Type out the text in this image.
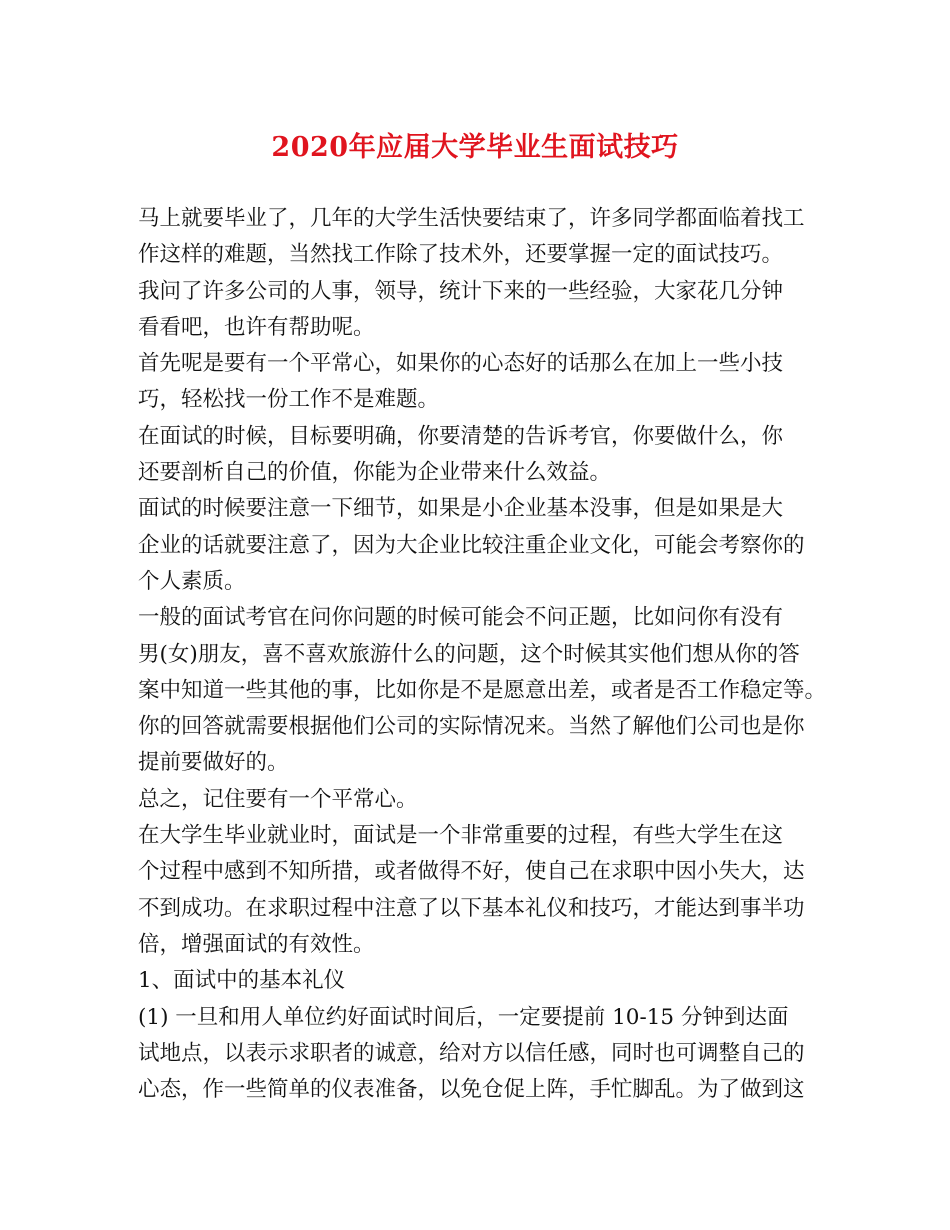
2020年应届大学毕业生面试技巧
马上就要毕业了，几年的大学生活快要结束了，许多同学都面临着找工
作这样的难题，当然找工作除了技术外，还要掌握一定的面试技巧。
我问了许多公司的人事，领导，统计下来的一些经验，大家花几分钟
看看吧，也许有帮助呢。
首先呢是要有一个平常心，如果你的心态好的话那么在加上一些小技
巧，轻松找一份工作不是难题。
在面试的时候，目标要明确，你要清楚的告诉考官，你要做什么，你
还要剖析自己的价值，你能为企业带来什么效益。
面试的时候要注意一下细节，如果是小企业基本没事，但是如果是大
企业的话就要注意了，因为大企业比较注重企业文化，可能会考察你的
个人素质。
一般的面试考官在问你问题的时候可能会不问正题，比如问你有没有
男(女)朋友，喜不喜欢旅游什么的问题，这个时候其实他们想从你的答
案中知道一些其他的事，比如你是不是愿意出差，或者是否工作稳定等。
你的回答就需要根据他们公司的实际情况来。当然了解他们公司也是你
提前要做好的。
总之，记住要有一个平常心。
在大学生毕业就业时，面试是一个非常重要的过程，有些大学生在这
个过程中感到不知所措，或者做得不好，使自己在求职中因小失大，达
不到成功。在求职过程中注意了以下基本礼仪和技巧，才能达到事半功
倍，增强面试的有效性。
1、面试中的基本礼仪
(1) 一旦和用人单位约好面试时间后，一定要提前 10-15 分钟到达面
试地点，以表示求职者的诚意，给对方以信任感，同时也可调整自己的
心态，作一些简单的仪表准备，以免仓促上阵，手忙脚乱。为了做到这
